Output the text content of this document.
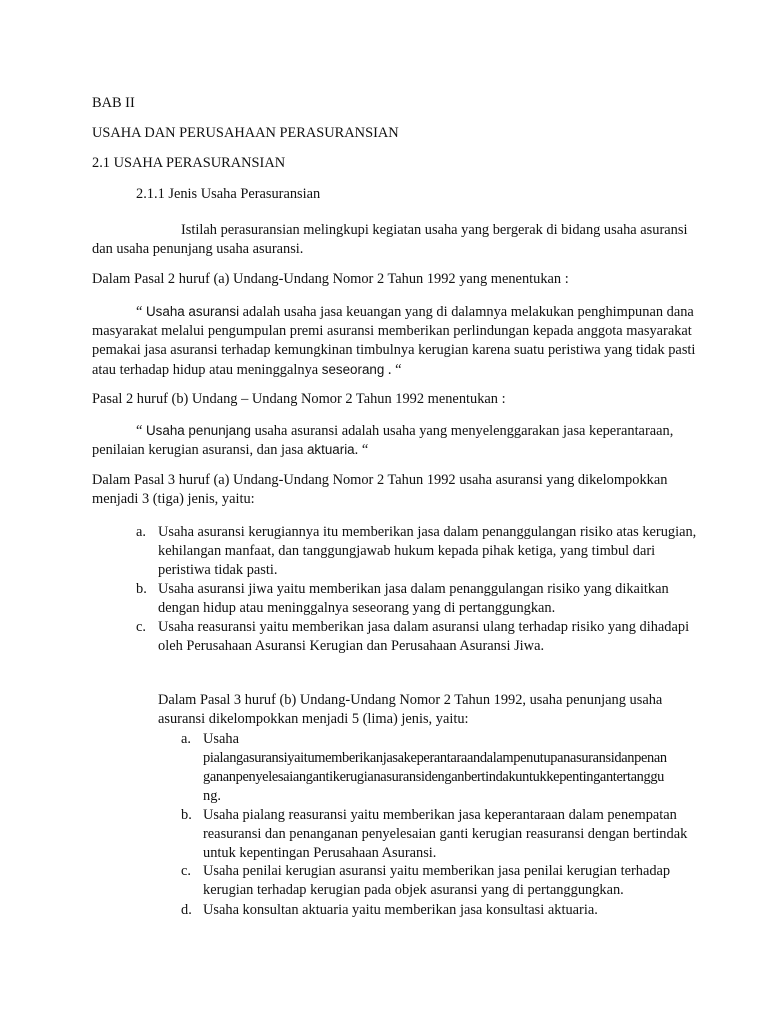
BAB II

USAHA DAN PERUSAHAAN PERASURANSIAN

2.1 USAHA PERASURANSIAN

2.1.1 Jenis Usaha Perasuransian

Istilah perasuransian melingkupi kegiatan usaha yang bergerak di bidang usaha asuransi

dan usaha penunjang usaha asuransi.

Dalam Pasal 2 huruf (a) Undang-Undang Nomor 2 Tahun 1992 yang menentukan :

“ Usaha asuransi adalah usaha jasa keuangan yang di dalamnya melakukan penghimpunan dana

masyarakat melalui pengumpulan premi asuransi memberikan perlindungan kepada anggota masyarakat

pemakai jasa asuransi terhadap kemungkinan timbulnya kerugian karena suatu peristiwa yang tidak pasti

atau terhadap hidup atau meninggalnya seseorang . “

Pasal 2 huruf (b) Undang – Undang Nomor 2 Tahun 1992 menentukan :

“ Usaha penunjang usaha asuransi adalah usaha yang menyelenggarakan jasa keperantaraan,

penilaian kerugian asuransi, dan jasa aktuaria. “

Dalam Pasal 3 huruf (a) Undang-Undang Nomor 2 Tahun 1992 usaha asuransi yang dikelompokkan

menjadi 3 (tiga) jenis, yaitu:

a. Usaha asuransi kerugiannya itu memberikan jasa dalam penanggulangan risiko atas kerugian,

kehilangan manfaat, dan tanggungjawab hukum kepada pihak ketiga, yang timbul dari

peristiwa tidak pasti.

b. Usaha asuransi jiwa yaitu memberikan jasa dalam penanggulangan risiko yang dikaitkan

dengan hidup atau meninggalnya seseorang yang di pertanggungkan.

c. Usaha reasuransi yaitu memberikan jasa dalam asuransi ulang terhadap risiko yang dihadapi

oleh Perusahaan Asuransi Kerugian dan Perusahaan Asuransi Jiwa.

Dalam Pasal 3 huruf (b) Undang-Undang Nomor 2 Tahun 1992, usaha penunjang usaha

asuransi dikelompokkan menjadi 5 (lima) jenis, yaitu:

a. Usaha

pialangasuransiyaitumemberikanjasakeperantaraandalampenutupanasuransidanpenan

gananpenyelesaiangantikerugianasuransidenganbertindakuntukkepentingantertanggu

ng.

b. Usaha pialang reasuransi yaitu memberikan jasa keperantaraan dalam penempatan

reasuransi dan penanganan penyelesaian ganti kerugian reasuransi dengan bertindak

untuk kepentingan Perusahaan Asuransi.

c. Usaha penilai kerugian asuransi yaitu memberikan jasa penilai kerugian terhadap

kerugian terhadap kerugian pada objek asuransi yang di pertanggungkan.

d. Usaha konsultan aktuaria yaitu memberikan jasa konsultasi aktuaria.
